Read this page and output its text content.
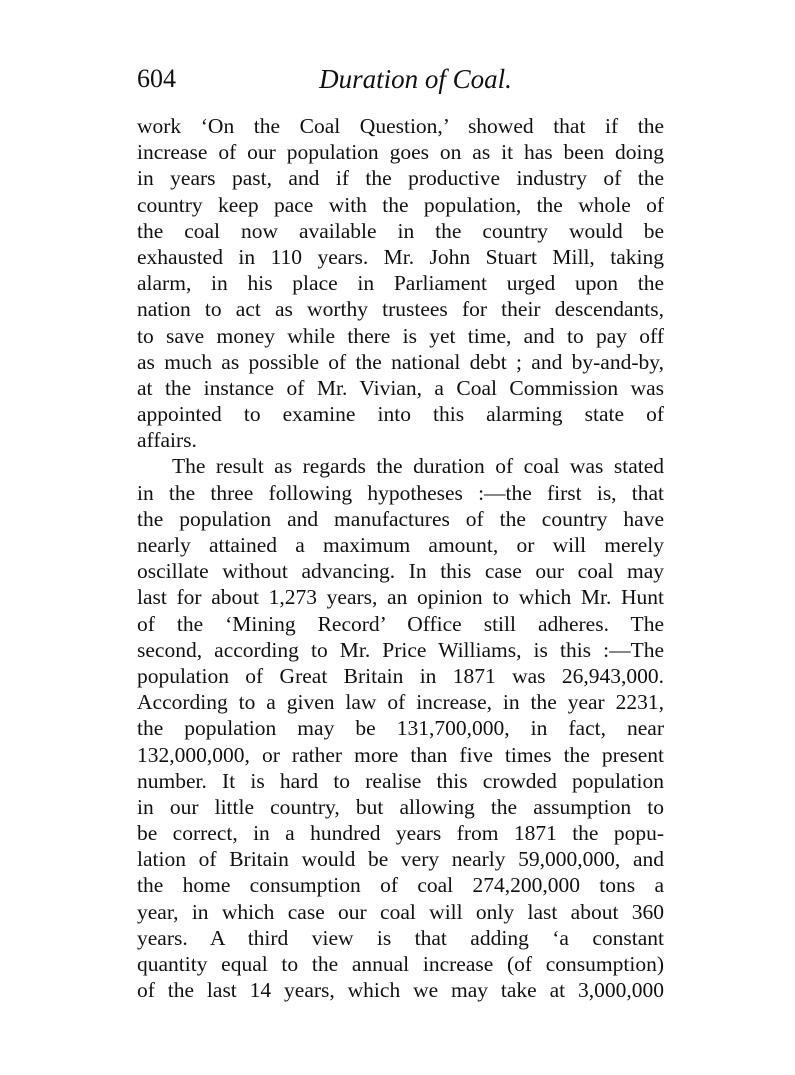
604	Duration of Coal.
work ‘On the Coal Question,’ showed that if the
increase of our population goes on as it has been doing
in years past, and if the productive industry of the
country keep pace with the population, the whole of
the coal now available in the country would be
exhausted in 110 years. Mr. John Stuart Mill, taking
alarm, in his place in Parliament urged upon the
nation to act as worthy trustees for their descendants,
to save money while there is yet time, and to pay off
as much as possible of the national debt ; and by-and-by,
at the instance of Mr. Vivian, a Coal Commission was
appointed to examine into this alarming state of
affairs.
The result as regards the duration of coal was stated
in the three following hypotheses :—the first is, that
the population and manufactures of the country have
nearly attained a maximum amount, or will merely
oscillate without advancing. In this case our coal may
last for about 1,273 years, an opinion to which Mr. Hunt
of the ‘Mining Record’ Office still adheres. The
second, according to Mr. Price Williams, is this :—The
population of Great Britain in 1871 was 26,943,000.
According to a given law of increase, in the year 2231,
the population may be 131,700,000, in fact, near
132,000,000, or rather more than five times the present
number. It is hard to realise this crowded population
in our little country, but allowing the assumption to
be correct, in a hundred years from 1871 the popu-
lation of Britain would be very nearly 59,000,000, and
the home consumption of coal 274,200,000 tons a
year, in which case our coal will only last about 360
years. A third view is that adding ‘a constant
quantity equal to the annual increase (of consumption)
of the last 14 years, which we may take at 3,000,000
